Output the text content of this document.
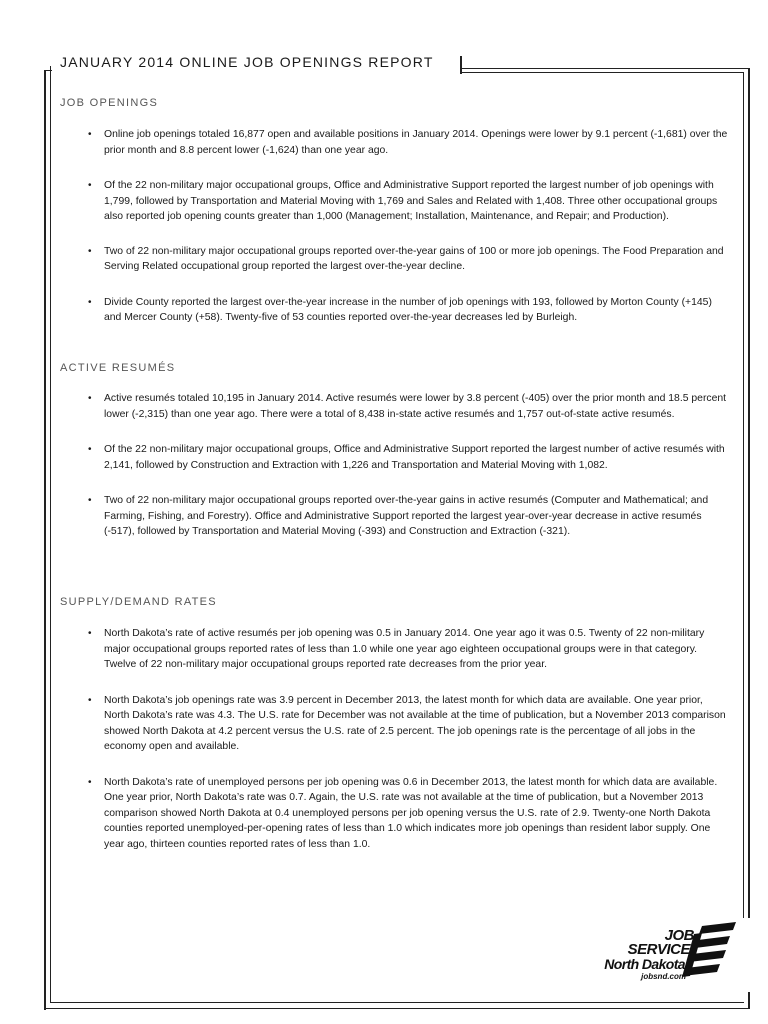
JANUARY 2014 ONLINE JOB OPENINGS REPORT
JOB OPENINGS
• Online job openings totaled 16,877 open and available positions in January 2014. Openings were lower by 9.1 percent (-1,681) over the prior month and 8.8 percent lower (-1,624) than one year ago.
• Of the 22 non-military major occupational groups, Office and Administrative Support reported the largest number of job openings with 1,799, followed by Transportation and Material Moving with 1,769 and Sales and Related with 1,408. Three other occupational groups also reported job opening counts greater than 1,000 (Management; Installation, Maintenance, and Repair; and Production).
• Two of 22 non-military major occupational groups reported over-the-year gains of 100 or more job openings. The Food Preparation and Serving Related occupational group reported the largest over-the-year decline.
• Divide County reported the largest over-the-year increase in the number of job openings with 193, followed by Morton County (+145) and Mercer County (+58). Twenty-five of 53 counties reported over-the-year decreases led by Burleigh.
ACTIVE RESUMÉS
• Active resumés totaled 10,195 in January 2014. Active resumés were lower by 3.8 percent (-405) over the prior month and 18.5 percent lower (-2,315) than one year ago. There were a total of 8,438 in-state active resumés and 1,757 out-of-state active resumés.
• Of the 22 non-military major occupational groups, Office and Administrative Support reported the largest number of active resumés with 2,141, followed by Construction and Extraction with 1,226 and Transportation and Material Moving with 1,082.
• Two of 22 non-military major occupational groups reported over-the-year gains in active resumés (Computer and Mathematical; and Farming, Fishing, and Forestry). Office and Administrative Support reported the largest year-over-year decrease in active resumés (-517), followed by Transportation and Material Moving (-393) and Construction and Extraction (-321).
SUPPLY/DEMAND RATES
• North Dakota’s rate of active resumés per job opening was 0.5 in January 2014. One year ago it was 0.5. Twenty of 22 non-military major occupational groups reported rates of less than 1.0 while one year ago eighteen occupational groups were in that category. Twelve of 22 non-military major occupational groups reported rate decreases from the prior year.
• North Dakota’s job openings rate was 3.9 percent in December 2013, the latest month for which data are available. One year prior, North Dakota’s rate was 4.3. The U.S. rate for December was not available at the time of publication, but a November 2013 comparison showed North Dakota at 4.2 percent versus the U.S. rate of 2.5 percent. The job openings rate is the percentage of all jobs in the economy open and available.
• North Dakota’s rate of unemployed persons per job opening was 0.6 in December 2013, the latest month for which data are available. One year prior, North Dakota’s rate was 0.7. Again, the U.S. rate was not available at the time of publication, but a November 2013 comparison showed North Dakota at 0.4 unemployed persons per job opening versus the U.S. rate of 2.9. Twenty-one North Dakota counties reported unemployed-per-opening rates of less than 1.0 which indicates more job openings than resident labor supply. One year ago, thirteen counties reported rates of less than 1.0.
JOB
SERVICE
North Dakota
jobsnd.com
